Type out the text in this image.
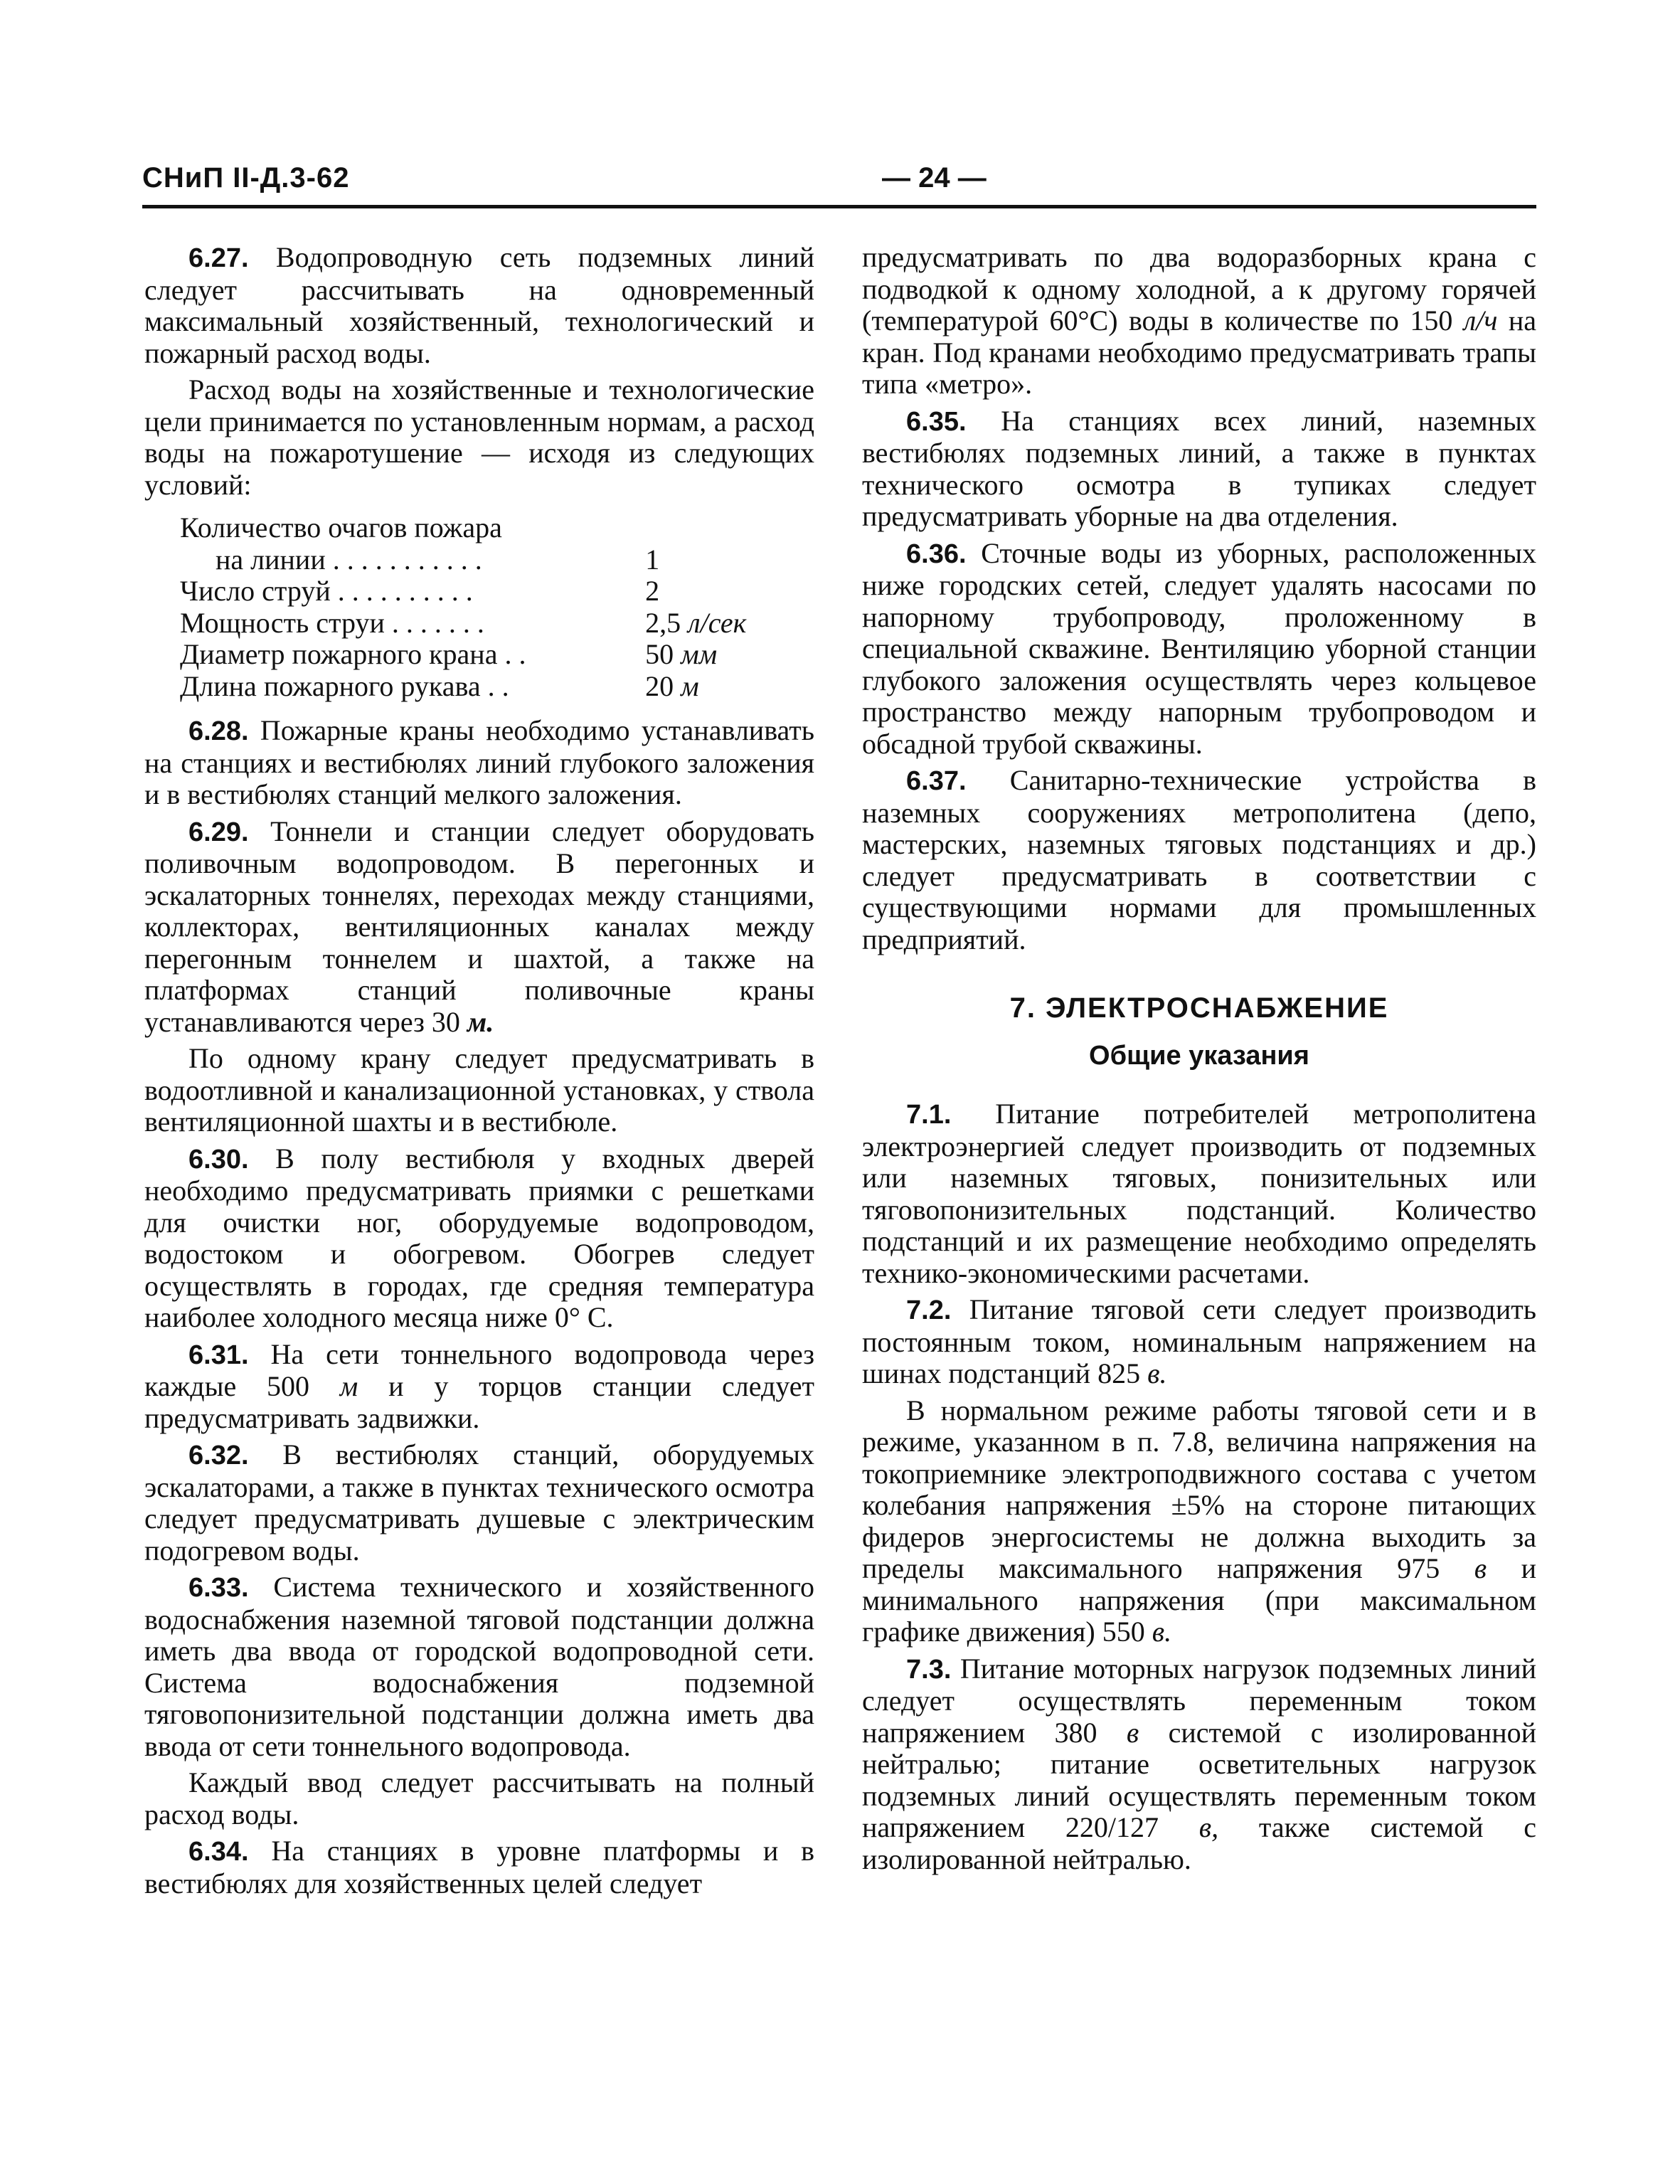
СНиП II-Д.3-62	— 24 —

6.27. Водопроводную сеть подземных линий следует рассчитывать на одновременный максимальный хозяйственный, технологический и пожарный расход воды.

Расход воды на хозяйственные и технологические цели принимается по установленным нормам, а расход воды на пожаротушение — исходя из следующих условий:

Количество очагов пожара
на линии . . . . . . . . . . .	1
Число струй . . . . . . . . . .	2
Мощность струи . . . . . . .	2,5 л/сек
Диаметр пожарного крана . .	50 мм
Длина пожарного рукава . .	20 м

6.28. Пожарные краны необходимо устанавливать на станциях и вестибюлях линий глубокого заложения и в вестибюлях станций мелкого заложения.

6.29. Тоннели и станции следует оборудовать поливочным водопроводом. В перегонных и эскалаторных тоннелях, переходах между станциями, коллекторах, вентиляционных каналах между перегонным тоннелем и шахтой, а также на платформах станций поливочные краны устанавливаются через 30 м.

По одному крану следует предусматривать в водоотливной и канализационной установках, у ствола вентиляционной шахты и в вестибюле.

6.30. В полу вестибюля у входных дверей необходимо предусматривать приямки с решетками для очистки ног, оборудуемые водопроводом, водостоком и обогревом. Обогрев следует осуществлять в городах, где средняя температура наиболее холодного месяца ниже 0° С.

6.31. На сети тоннельного водопровода через каждые 500 м и у торцов станции следует предусматривать задвижки.

6.32. В вестибюлях станций, оборудуемых эскалаторами, а также в пунктах технического осмотра следует предусматривать душевые с электрическим подогревом воды.

6.33. Система технического и хозяйственного водоснабжения наземной тяговой подстанции должна иметь два ввода от городской водопроводной сети. Система водоснабжения подземной тяговопонизительной подстанции должна иметь два ввода от сети тоннельного водопровода.

Каждый ввод следует рассчитывать на полный расход воды.

6.34. На станциях в уровне платформы и в вестибюлях для хозяйственных целей следует

предусматривать по два водоразборных крана с подводкой к одному холодной, а к другому горячей (температурой 60°С) воды в количестве по 150 л/ч на кран. Под кранами необходимо предусматривать трапы типа «метро».

6.35. На станциях всех линий, наземных вестибюлях подземных линий, а также в пунктах технического осмотра в тупиках следует предусматривать уборные на два отделения.

6.36. Сточные воды из уборных, расположенных ниже городских сетей, следует удалять насосами по напорному трубопроводу, проложенному в специальной скважине. Вентиляцию уборной станции глубокого заложения осуществлять через кольцевое пространство между напорным трубопроводом и обсадной трубой скважины.

6.37. Санитарно-технические устройства в наземных сооружениях метрополитена (депо, мастерских, наземных тяговых подстанциях и др.) следует предусматривать в соответствии с существующими нормами для промышленных предприятий.

7. ЭЛЕКТРОСНАБЖЕНИЕ
Общие указания

7.1. Питание потребителей метрополитена электроэнергией следует производить от подземных или наземных тяговых, понизительных или тяговопонизительных подстанций. Количество подстанций и их размещение необходимо определять технико-экономическими расчетами.

7.2. Питание тяговой сети следует производить постоянным током, номинальным напряжением на шинах подстанций 825 в.

В нормальном режиме работы тяговой сети и в режиме, указанном в п. 7.8, величина напряжения на токоприемнике электроподвижного состава с учетом колебания напряжения ±5% на стороне питающих фидеров энергосистемы не должна выходить за пределы максимального напряжения 975 в и минимального напряжения (при максимальном графике движения) 550 в.

7.3. Питание моторных нагрузок подземных линий следует осуществлять переменным током напряжением 380 в системой с изолированной нейтралью; питание осветительных нагрузок подземных линий осуществлять переменным током напряжением 220/127 в, также системой с изолированной нейтралью.
